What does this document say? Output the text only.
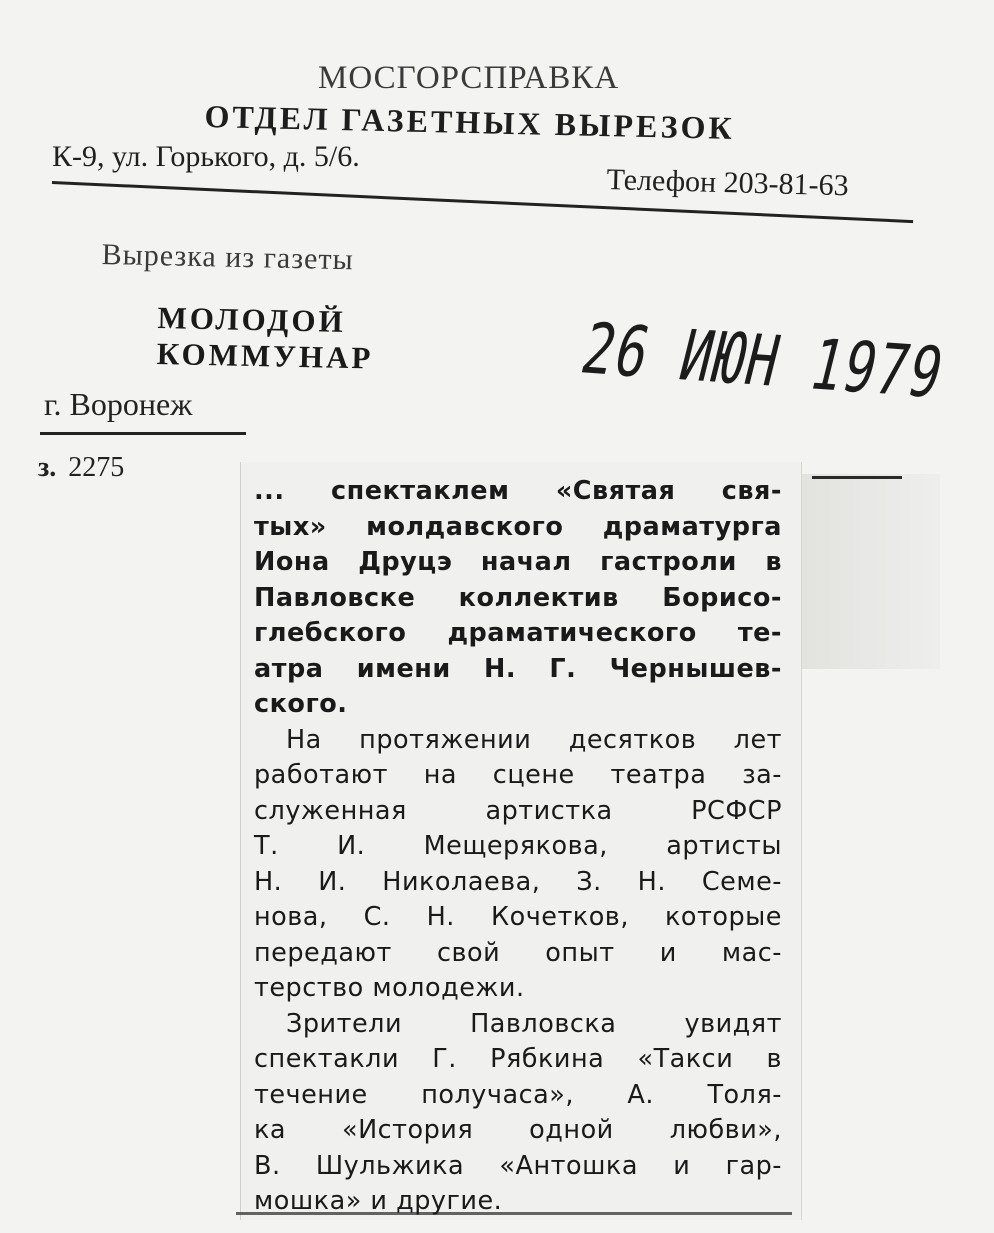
МОСГОРСПРАВКА
ОТДЕЛ ГАЗЕТНЫХ ВЫРЕЗОК
К-9, ул. Горького, д. 5/6.
Телефон 203-81-63
Вырезка из газеты
МОЛОДОЙ
КОММУНАР
г. Воронеж
з. 2275
26 ИЮН 1979
... спектаклем «Святая свя-
тых» молдавского драматурга
Иона Друцэ начал гастроли в
Павловске коллектив Борисо-
глебского драматического те-
атра имени Н. Г. Чернышев-
ского.
На протяжении десятков лет
работают на сцене театра за-
служенная артистка РСФСР
Т. И. Мещерякова, артисты
Н. И. Николаева, З. Н. Семе-
нова, С. Н. Кочетков, которые
передают свой опыт и мас-
терство молодежи.
Зрители Павловска увидят
спектакли Г. Рябкина «Такси в
течение получаса», А. Толя-
ка «История одной любви»,
В. Шульжика «Антошка и гар-
мошка» и другие.
